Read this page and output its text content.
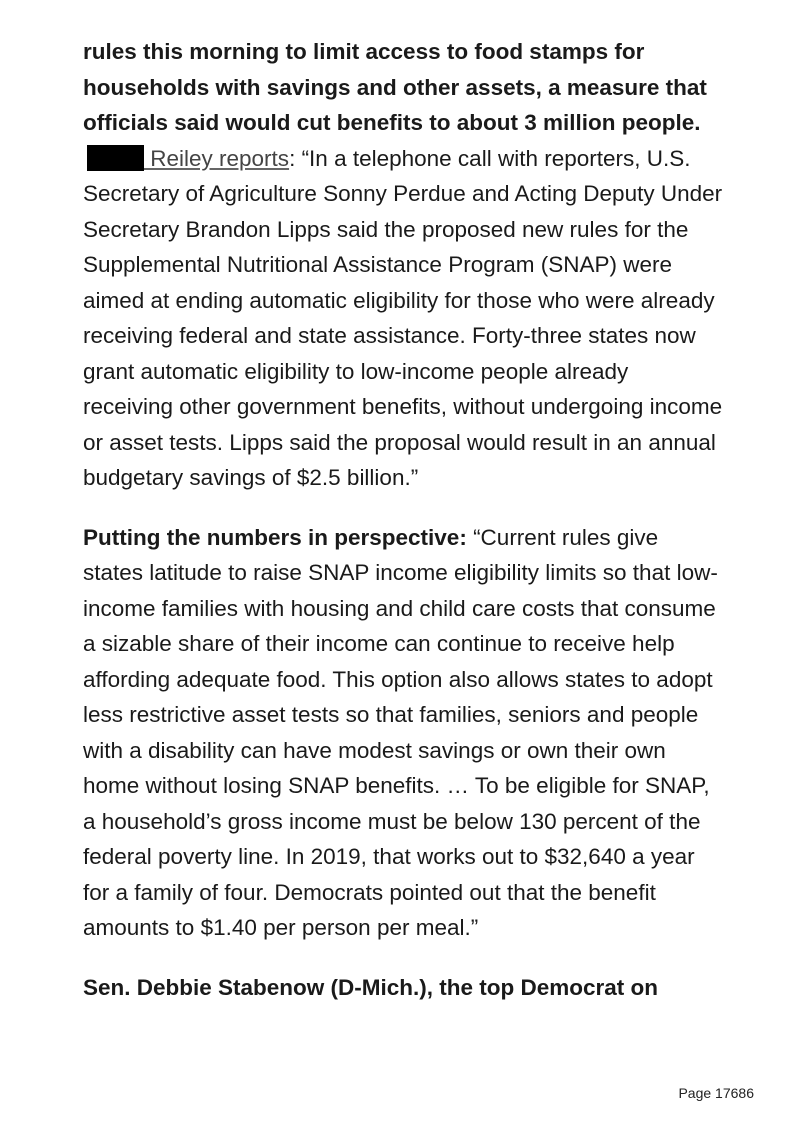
rules this morning to limit access to food stamps for households with savings and other assets, a measure that officials said would cut benefits to about 3 million people.  Reiley reports: “In a telephone call with reporters, U.S. Secretary of Agriculture Sonny Perdue and Acting Deputy Under Secretary Brandon Lipps said the proposed new rules for the Supplemental Nutritional Assistance Program (SNAP) were aimed at ending automatic eligibility for those who were already receiving federal and state assistance. Forty-three states now grant automatic eligibility to low-income people already receiving other government benefits, without undergoing income or asset tests. Lipps said the proposal would result in an annual budgetary savings of $2.5 billion.”

Putting the numbers in perspective: “Current rules give states latitude to raise SNAP income eligibility limits so that low-income families with housing and child care costs that consume a sizable share of their income can continue to receive help affording adequate food. This option also allows states to adopt less restrictive asset tests so that families, seniors and people with a disability can have modest savings or own their own home without losing SNAP benefits. … To be eligible for SNAP, a household’s gross income must be below 130 percent of the federal poverty line. In 2019, that works out to $32,640 a year for a family of four. Democrats pointed out that the benefit amounts to $1.40 per person per meal.”

Sen. Debbie Stabenow (D-Mich.), the top Democrat on

Page 17686
